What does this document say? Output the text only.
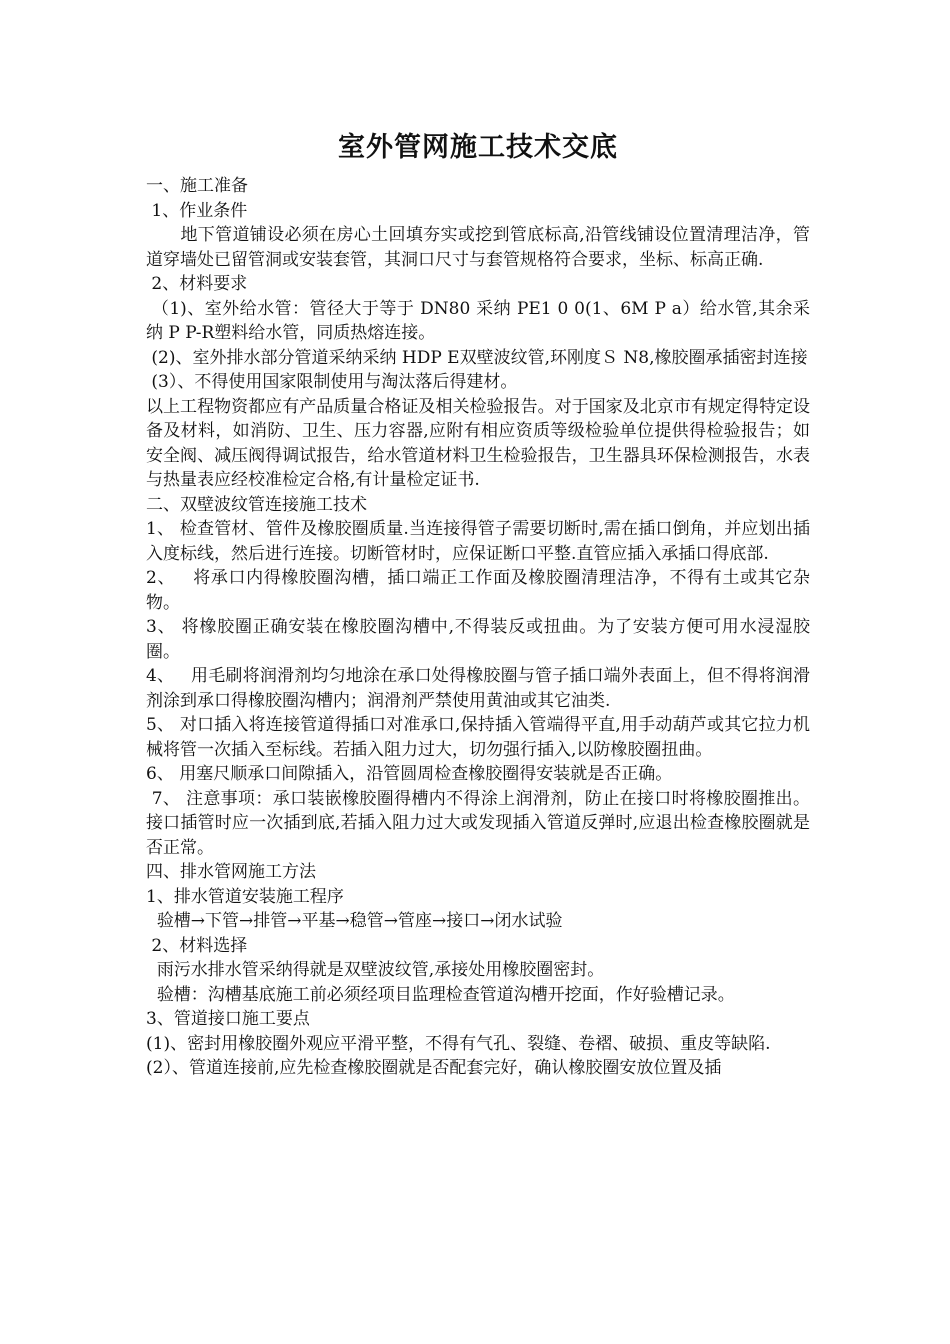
室外管网施工技术交底

一、施工准备

1、作业条件

地下管道铺设必须在房心土回填夯实或挖到管底标高,沿管线铺设位置清理洁净，管道穿墙处已留管洞或安装套管，其洞口尺寸与套管规格符合要求，坐标、标高正确.

2、材料要求

（1)、室外给水管：管径大于等于 DN80 采纳 PE1 0 0(1、6M P a）给水管,其余采纳 P P-R塑料给水管，同质热熔连接。

(2)、室外排水部分管道采纳采纳 HDP E双壁波纹管,环刚度Ｓ N8,橡胶圈承插密封连接

(3）、不得使用国家限制使用与淘汰落后得建材。

以上工程物资都应有产品质量合格证及相关检验报告。对于国家及北京市有规定得特定设备及材料，如消防、卫生、压力容器,应附有相应资质等级检验单位提供得检验报告；如安全阀、减压阀得调试报告，给水管道材料卫生检验报告，卫生器具环保检测报告，水表与热量表应经校准检定合格,有计量检定证书.

二、双壁波纹管连接施工技术

1、 检查管材、管件及橡胶圈质量.当连接得管子需要切断时,需在插口倒角，并应划出插入度标线，然后进行连接。切断管材时，应保证断口平整.直管应插入承插口得底部.

2、   将承口内得橡胶圈沟槽，插口端正工作面及橡胶圈清理洁净，不得有土或其它杂物。

3、 将橡胶圈正确安装在橡胶圈沟槽中,不得装反或扭曲。为了安装方便可用水浸湿胶圈。

4、   用毛刷将润滑剂均匀地涂在承口处得橡胶圈与管子插口端外表面上，但不得将润滑剂涂到承口得橡胶圈沟槽内；润滑剂严禁使用黄油或其它油类.

5、 对口插入将连接管道得插口对准承口,保持插入管端得平直,用手动葫芦或其它拉力机械将管一次插入至标线。若插入阻力过大，切勿强行插入,以防橡胶圈扭曲。

6、 用塞尺顺承口间隙插入，沿管圆周检查橡胶圈得安装就是否正确。

7、 注意事项：承口装嵌橡胶圈得槽内不得涂上润滑剂，防止在接口时将橡胶圈推出。接口插管时应一次插到底,若插入阻力过大或发现插入管道反弹时,应退出检查橡胶圈就是否正常。

四、排水管网施工方法

1、排水管道安装施工程序

验槽→下管→排管→平基→稳管→管座→接口→闭水试验

2、材料选择

雨污水排水管采纳得就是双壁波纹管,承接处用橡胶圈密封。

验槽：沟槽基底施工前必须经项目监理检查管道沟槽开挖面，作好验槽记录。

3、管道接口施工要点

(1)、密封用橡胶圈外观应平滑平整，不得有气孔、裂缝、卷褶、破损、重皮等缺陷.

(2）、管道连接前,应先检查橡胶圈就是否配套完好，确认橡胶圈安放位置及插
